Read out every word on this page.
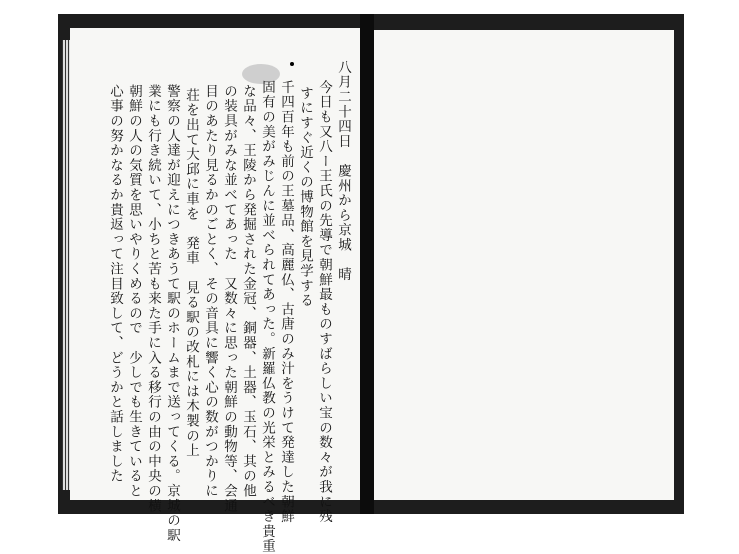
八月二十四日　慶州から京城　晴
今日も又八ー王氏の先導で朝鮮最ものすばらしい宝の数々が我に残
すにすぐ近くの博物館を見学する
千四百年も前の王墓品、高麗仏、古唐のみ汁をうけて発達した朝鮮
固有の美がみじんに並べられてあった。新羅仏教の光栄とみるべき貴重
な品々、王陵から発掘された金冠、銅器、土器、玉石、其の他
の装具がみな並べてあった　又数々に思った朝鮮の動物等、会通
目のあたり見るかのごとく、その音具に響く心の数がつかりに
荘を出て大邱に車を　発車　見る駅の改札には木製の上
警察の人達が迎えにつきあうて駅のホームまで送ってくる。京城の駅
業にも行き続いて、小ちと苦も来た手に入る移行の由の中央の横
朝鮮の人の気質を思いやりくめるので　少しでも生きていると
心事の努かなるか貴返って注目致して、どうかと話しました
